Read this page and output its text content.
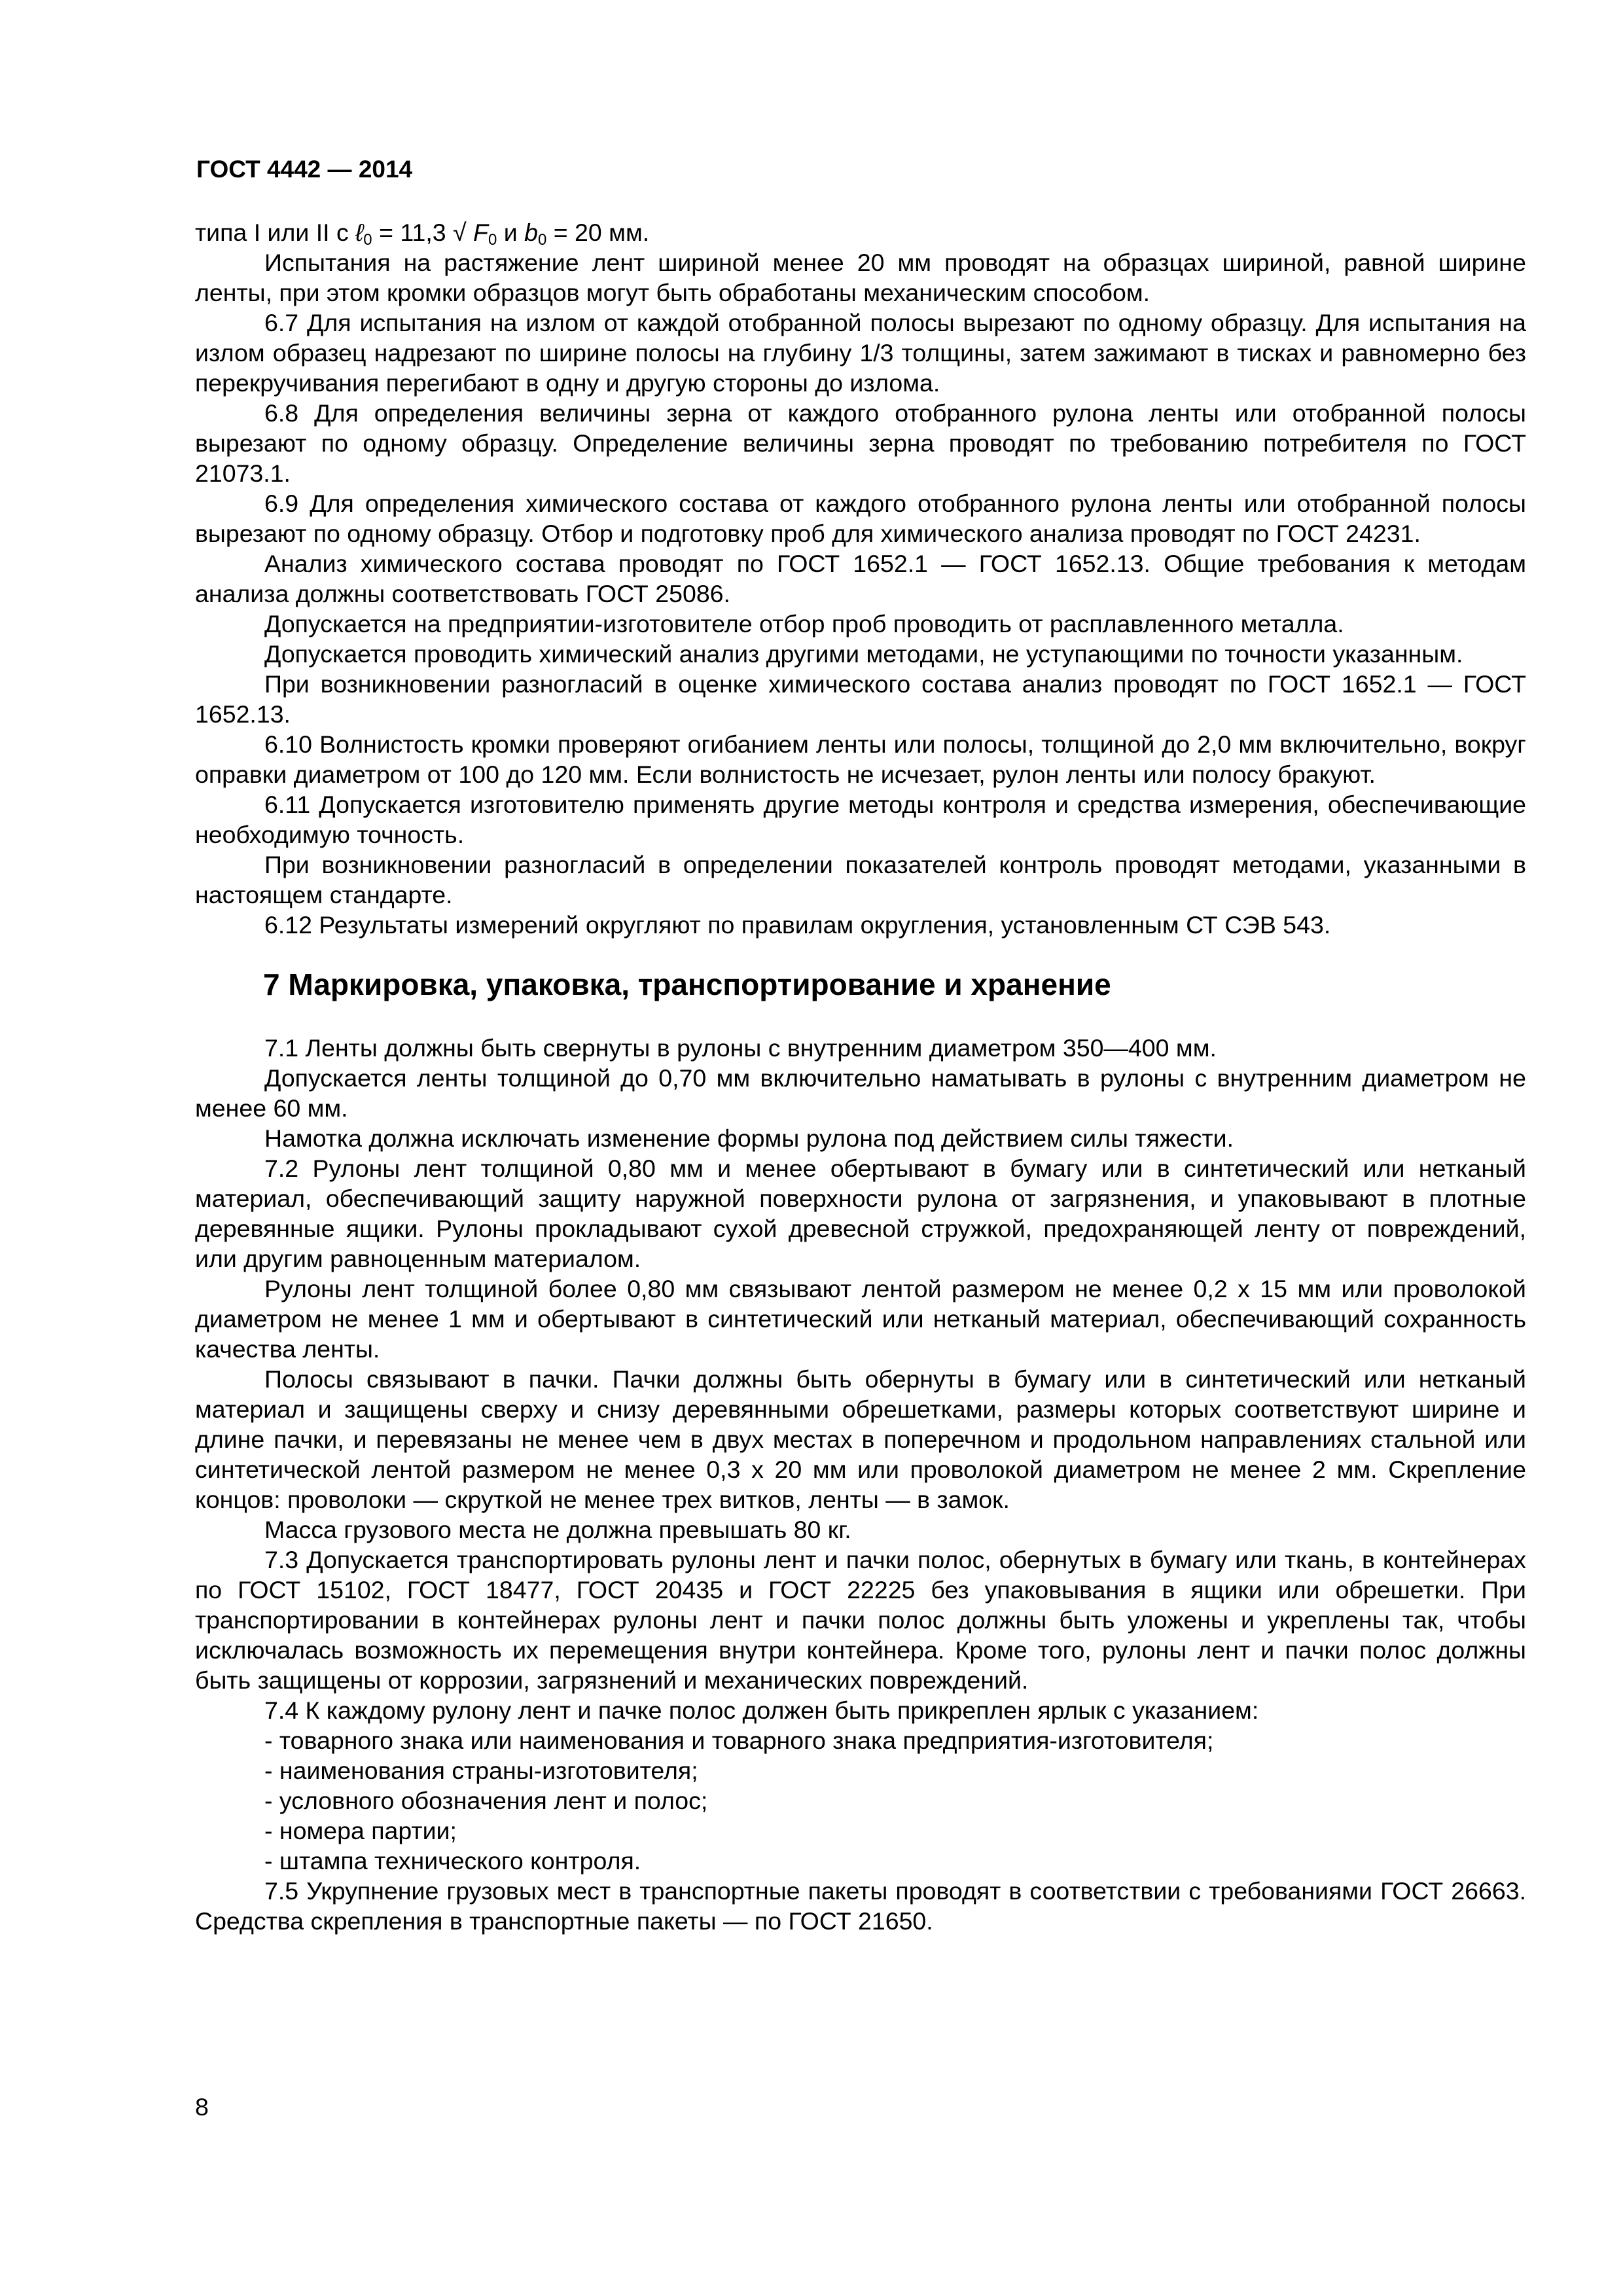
ГОСТ 4442 — 2014

типа I или II с ℓ$_0$ = 11,3 √ $F_0$ и $b_0 = 20$ мм.

Испытания на растяжение лент шириной менее 20 мм проводят на образцах шириной, равной ширине ленты, при этом кромки образцов могут быть обработаны механическим способом.

6.7 Для испытания на излом от каждой отобранной полосы вырезают по одному образцу. Для испытания на излом образец надрезают по ширине полосы на глубину 1/3 толщины, затем зажимают в тисках и равномерно без перекручивания перегибают в одну и другую стороны до излома.

6.8 Для определения величины зерна от каждого отобранного рулона ленты или отобранной полосы вырезают по одному образцу. Определение величины зерна проводят по требованию потребителя по ГОСТ 21073.1.

6.9 Для определения химического состава от каждого отобранного рулона ленты или отобранной полосы вырезают по одному образцу. Отбор и подготовку проб для химического анализа проводят по ГОСТ 24231.

Анализ химического состава проводят по ГОСТ 1652.1 — ГОСТ 1652.13. Общие требования к методам анализа должны соответствовать ГОСТ 25086.

Допускается на предприятии-изготовителе отбор проб проводить от расплавленного металла.

Допускается проводить химический анализ другими методами, не уступающими по точности указанным.

При возникновении разногласий в оценке химического состава анализ проводят по ГОСТ 1652.1 — ГОСТ 1652.13.

6.10 Волнистость кромки проверяют огибанием ленты или полосы, толщиной до 2,0 мм включительно, вокруг оправки диаметром от 100 до 120 мм. Если волнистость не исчезает, рулон ленты или полосу бракуют.

6.11 Допускается изготовителю применять другие методы контроля и средства измерения, обеспечивающие необходимую точность.

При возникновении разногласий в определении показателей контроль проводят методами, указанными в настоящем стандарте.

6.12 Результаты измерений округляют по правилам округления, установленным СТ СЭВ 543.

7 Маркировка, упаковка, транспортирование и хранение

7.1 Ленты должны быть свернуты в рулоны с внутренним диаметром 350—400 мм.

Допускается ленты толщиной до 0,70 мм включительно наматывать в рулоны с внутренним диаметром не менее 60 мм.

Намотка должна исключать изменение формы рулона под действием силы тяжести.

7.2 Рулоны лент толщиной 0,80 мм и менее обертывают в бумагу или в синтетический или нетканый материал, обеспечивающий защиту наружной поверхности рулона от загрязнения, и упаковывают в плотные деревянные ящики. Рулоны прокладывают сухой древесной стружкой, предохраняющей ленту от повреждений, или другим равноценным материалом.

Рулоны лент толщиной более 0,80 мм связывают лентой размером не менее 0,2 х 15 мм или проволокой диаметром не менее 1 мм и обертывают в синтетический или нетканый материал, обеспечивающий сохранность качества ленты.

Полосы связывают в пачки. Пачки должны быть обернуты в бумагу или в синтетический или нетканый материал и защищены сверху и снизу деревянными обрешетками, размеры которых соответствуют ширине и длине пачки, и перевязаны не менее чем в двух местах в поперечном и продольном направлениях стальной или синтетической лентой размером не менее 0,3 х 20 мм или проволокой диаметром не менее 2 мм. Скрепление концов: проволоки — скруткой не менее трех витков, ленты — в замок.

Масса грузового места не должна превышать 80 кг.

7.3 Допускается транспортировать рулоны лент и пачки полос, обернутых в бумагу или ткань, в контейнерах по ГОСТ 15102, ГОСТ 18477, ГОСТ 20435 и ГОСТ 22225 без упаковывания в ящики или обрешетки. При транспортировании в контейнерах рулоны лент и пачки полос должны быть уложены и укреплены так, чтобы исключалась возможность их перемещения внутри контейнера. Кроме того, рулоны лент и пачки полос должны быть защищены от коррозии, загрязнений и механических повреждений.

7.4 К каждому рулону лент и пачке полос должен быть прикреплен ярлык с указанием:

- товарного знака или наименования и товарного знака предприятия-изготовителя;

- наименования страны-изготовителя;

- условного обозначения лент и полос;

- номера партии;

- штампа технического контроля.

7.5 Укрупнение грузовых мест в транспортные пакеты проводят в соответствии с требованиями ГОСТ 26663. Средства скрепления в транспортные пакеты — по ГОСТ 21650.

8
